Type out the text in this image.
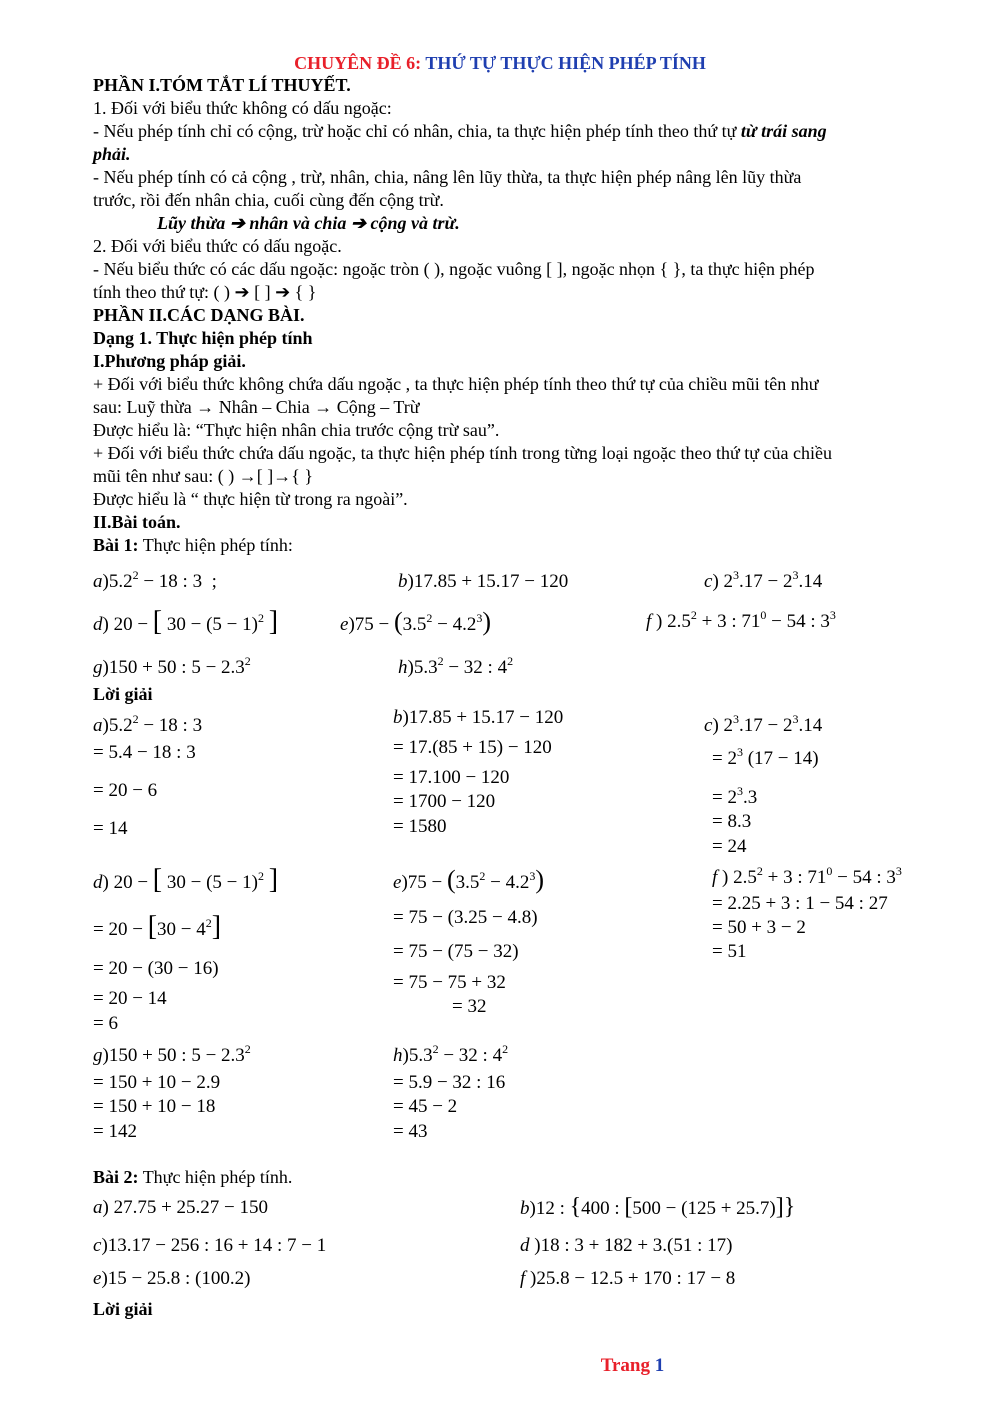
CHUYÊN ĐỀ 6: THỨ TỰ THỰC HIỆN PHÉP TÍNH
PHẦN I.TÓM TẮT LÍ THUYẾT.
1. Đối với biểu thức không có dấu ngoặc:
- Nếu phép tính chỉ có cộng, trừ hoặc chỉ có nhân, chia, ta thực hiện phép tính theo thứ tự từ trái sang
phải.
- Nếu phép tính có cả cộng , trừ, nhân, chia, nâng lên lũy thừa, ta thực hiện phép nâng lên lũy thừa
trước, rồi đến nhân chia, cuối cùng đến cộng trừ.
Lũy thừa ➔ nhân và chia ➔ cộng và trừ.
2. Đối với biểu thức có dấu ngoặc.
- Nếu biểu thức có các dấu ngoặc: ngoặc tròn ( ), ngoặc vuông [ ], ngoặc nhọn { }, ta thực hiện phép
tính theo thứ tự: ( ) ➔ [ ] ➔ { }
PHẦN II.CÁC DẠNG BÀI.
Dạng 1. Thực hiện phép tính
I.Phương pháp giải.
+ Đối với biểu thức không chứa dấu ngoặc , ta thực hiện phép tính theo thứ tự của chiều mũi tên như
sau: Luỹ thừa → Nhân – Chia → Cộng – Trừ
Được hiểu là: “Thực hiện nhân chia trước cộng trừ sau”.
+ Đối với biểu thức chứa dấu ngoặc, ta thực hiện phép tính trong từng loại ngoặc theo thứ tự của chiều
mũi tên như sau: ( ) →[ ]→{ }
Được hiểu là “ thực hiện từ trong ra ngoài”.
II.Bài toán.
Bài 1: Thực hiện phép tính:
$a)5.2^2 - 18$ : 3  ;	b)17.85 + 15.17 − 120	c) $2^3.17 - 2^3.14$
d) 20 − [ $30 - (5 - 1)^2$ ]	$e)75 - (3.5^2 - 4.2^3)$	f ) $2.5^2 + 3$ : $71^0 - 54$ : $3^3$
g)150 + 50 : $5 - 2.3^2$	$h)5.3^2 - 32$ : $4^2$
Lời giải
$a)5.2^2 - 18$ : 3
= 5.4 − 18 : 3
= 20 − 6
= 14
b)17.85 + 15.17 − 120
= 17.(85 + 15) − 120
= 17.100 − 120
= 1700 − 120
= 1580
c) $2^3.17 - 2^3.14$
= $2^3$ (17 − 14)
= $2^3.3$
= 8.3
= 24
d) 20 − [ $30 - (5 - 1)^2$ ]
= $20 - [30 - 4^2]$
= 20 − (30 − 16)
= 20 − 14
= 6
$e)75 - (3.5^2 - 4.2^3)$
= 75 − (3.25 − 4.8)
= 75 − (75 − 32)
= 75 − 75 + 32
= 32
f ) $2.5^2 + 3$ : $71^0 - 54$ : $3^3$
= 2.25 + 3 : 1 − 54 : 27
= 50 + 3 − 2
= 51
g)150 + 50 : $5 - 2.3^2$
= 150 + 10 − 2.9
= 150 + 10 − 18
= 142
$h)5.3^2 - 32$ : $4^2$
= 5.9 − 32 : 16
= 45 − 2
= 43
Bài 2: Thực hiện phép tính.
a) 27.75 + 25.27 − 150	b)12 : {400 : [500 − (125 + 25.7)]}
c)13.17 − 256 : 16 + 14 : 7 − 1	d )18 : 3 + 182 + 3.(51 : 17)
e)15 − 25.8 : (100.2)	f )25.8 − 12.5 + 170 : 17 − 8
Lời giải
Trang 1
